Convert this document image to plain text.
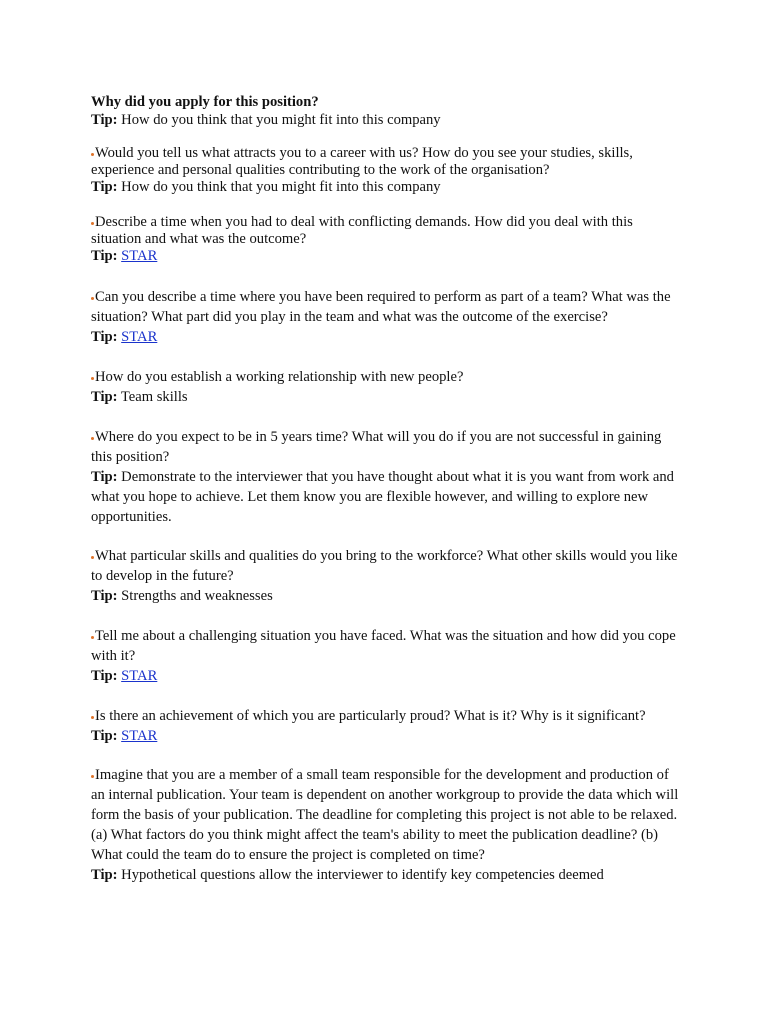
Why did you apply for this position?

Tip: How do you think that you might fit into this company

Would you tell us what attracts you to a career with us? How do you see your studies, skills, experience and personal qualities contributing to the work of the organisation?

Tip: How do you think that you might fit into this company

Describe a time when you had to deal with conflicting demands. How did you deal with this situation and what was the outcome?

Tip: STAR

Can you describe a time where you have been required to perform as part of a team? What was the situation? What part did you play in the team and what was the outcome of the exercise?

Tip: STAR

How do you establish a working relationship with new people?

Tip: Team skills

Where do you expect to be in 5 years time? What will you do if you are not successful in gaining this position?

Tip: Demonstrate to the interviewer that you have thought about what it is you want from work and what you hope to achieve. Let them know you are flexible however, and willing to explore new opportunities.

What particular skills and qualities do you bring to the workforce? What other skills would you like to develop in the future?

Tip: Strengths and weaknesses

Tell me about a challenging situation you have faced. What was the situation and how did you cope with it?

Tip: STAR

Is there an achievement of which you are particularly proud? What is it? Why is it significant?

Tip: STAR

Imagine that you are a member of a small team responsible for the development and production of an internal publication. Your team is dependent on another workgroup to provide the data which will form the basis of your publication. The deadline for completing this project is not able to be relaxed. (a) What factors do you think might affect the team's ability to meet the publication deadline? (b) What could the team do to ensure the project is completed on time?

Tip: Hypothetical questions allow the interviewer to identify key competencies deemed
